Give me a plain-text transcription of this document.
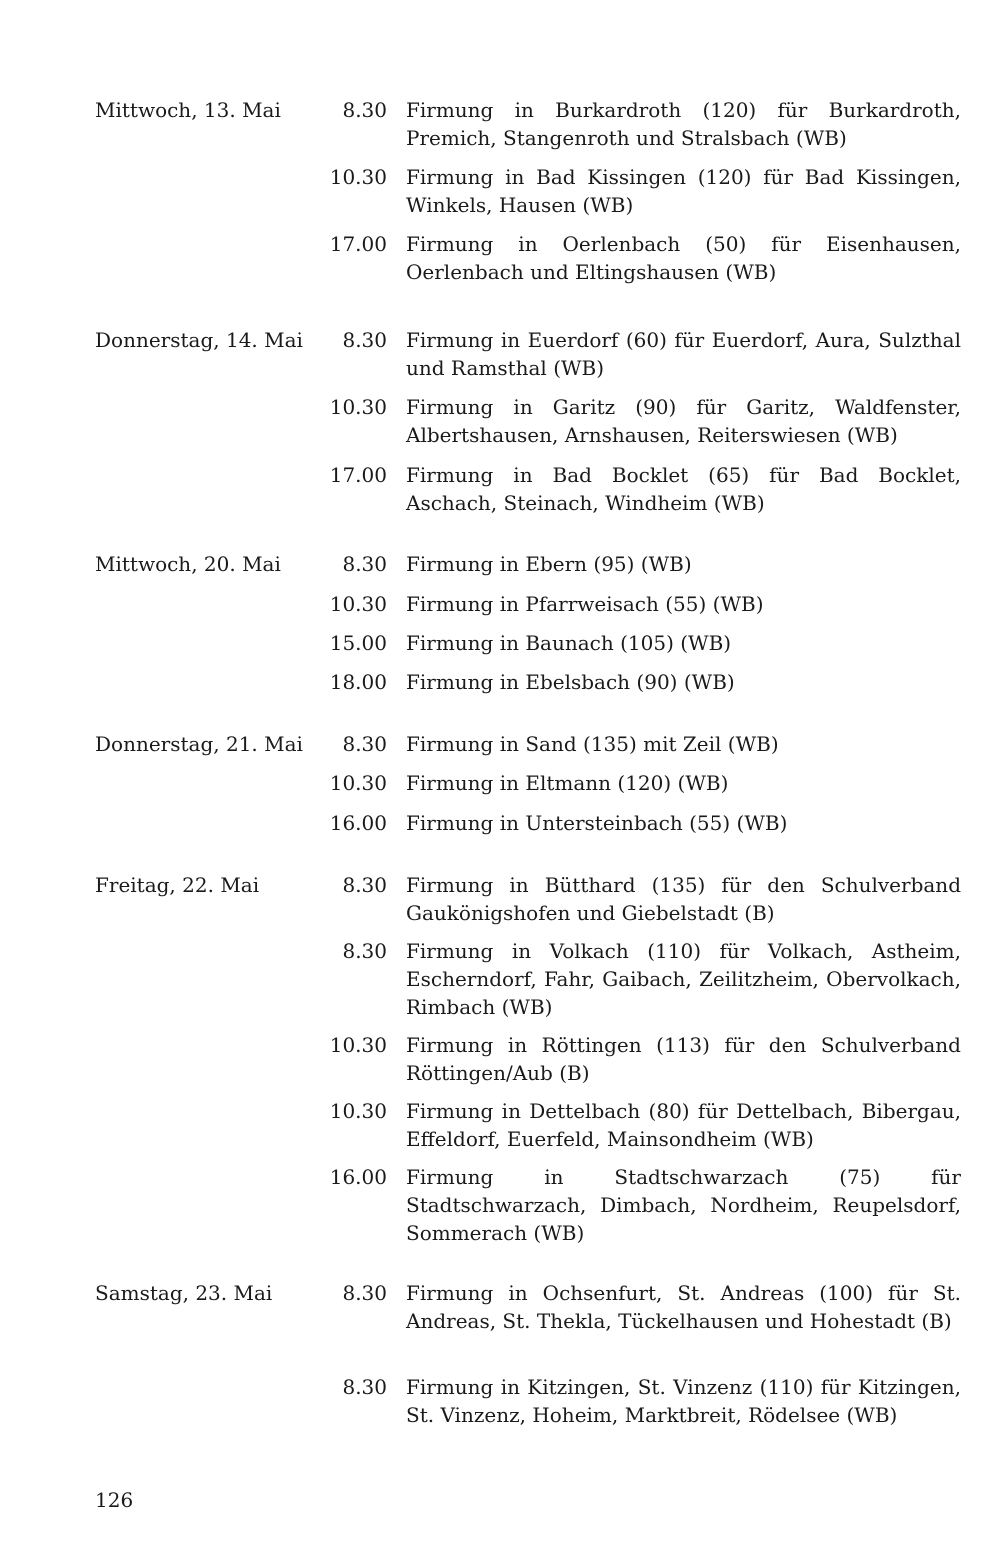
Mittwoch, 13. Mai	8.30 Firmung in Burkardroth (120) für Burkardroth, Premich, Stangenroth und Stralsbach (WB)
10.30 Firmung in Bad Kissingen (120) für Bad Kissingen, Winkels, Hausen (WB)
17.00 Firmung in Oerlenbach (50) für Eisenhausen, Oerlenbach und Eltingshausen (WB)
Donnerstag, 14. Mai	8.30 Firmung in Euerdorf (60) für Euerdorf, Aura, Sulzthal und Ramsthal (WB)
10.30 Firmung in Garitz (90) für Garitz, Waldfenster, Albertshausen, Arnshausen, Reiterswiesen (WB)
17.00 Firmung in Bad Bocklet (65) für Bad Bocklet, Aschach, Steinach, Windheim (WB)
Mittwoch, 20. Mai	8.30 Firmung in Ebern (95) (WB)
10.30 Firmung in Pfarrweisach (55) (WB)
15.00 Firmung in Baunach (105) (WB)
18.00 Firmung in Ebelsbach (90) (WB)
Donnerstag, 21. Mai	8.30 Firmung in Sand (135) mit Zeil (WB)
10.30 Firmung in Eltmann (120) (WB)
16.00 Firmung in Untersteinbach (55) (WB)
Freitag, 22. Mai	8.30 Firmung in Bütthard (135) für den Schulverband Gaukönigshofen und Giebelstadt (B)
8.30 Firmung in Volkach (110) für Volkach, Astheim, Escherndorf, Fahr, Gaibach, Zeilitzheim, Obervolkach, Rimbach (WB)
10.30 Firmung in Röttingen (113) für den Schulverband Röttingen/Aub (B)
10.30 Firmung in Dettelbach (80) für Dettelbach, Bibergau, Effeldorf, Euerfeld, Mainsondheim (WB)
16.00 Firmung in Stadtschwarzach (75) für Stadtschwarzach, Dimbach, Nordheim, Reupelsdorf, Sommerach (WB)
Samstag, 23. Mai	8.30 Firmung in Ochsenfurt, St. Andreas (100) für St. Andreas, St. Thekla, Tückelhausen und Hohestadt (B)
8.30 Firmung in Kitzingen, St. Vinzenz (110) für Kitzingen, St. Vinzenz, Hoheim, Marktbreit, Rödelsee (WB)
126
